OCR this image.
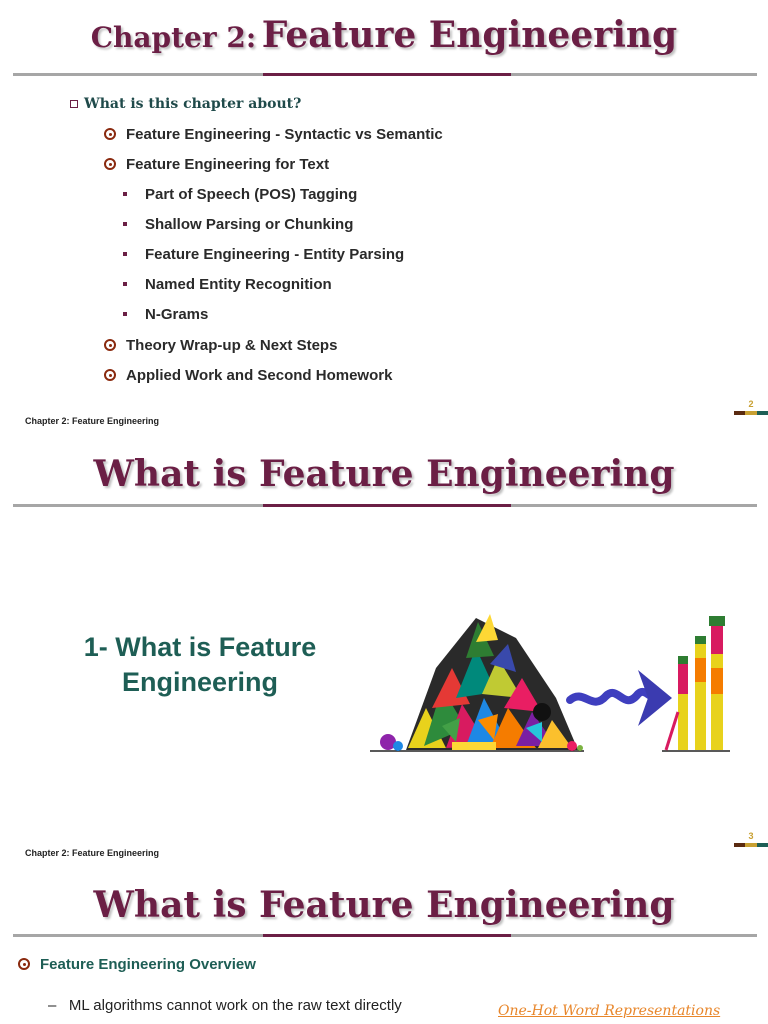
Chapter 2: Feature Engineering
What is this chapter about?
Feature Engineering - Syntactic vs Semantic
Feature Engineering for Text
Part of Speech (POS) Tagging
Shallow Parsing or Chunking
Feature Engineering - Entity Parsing
Named Entity Recognition
N-Grams
Theory Wrap-up & Next Steps
Applied Work and Second Homework
Chapter 2: Feature Engineering
2
What is Feature Engineering
1- What is Feature
Engineering
Chapter 2: Feature Engineering
3
What is Feature Engineering
Feature Engineering Overview
– ML algorithms cannot work on the raw text directly	One-Hot Word Representations
